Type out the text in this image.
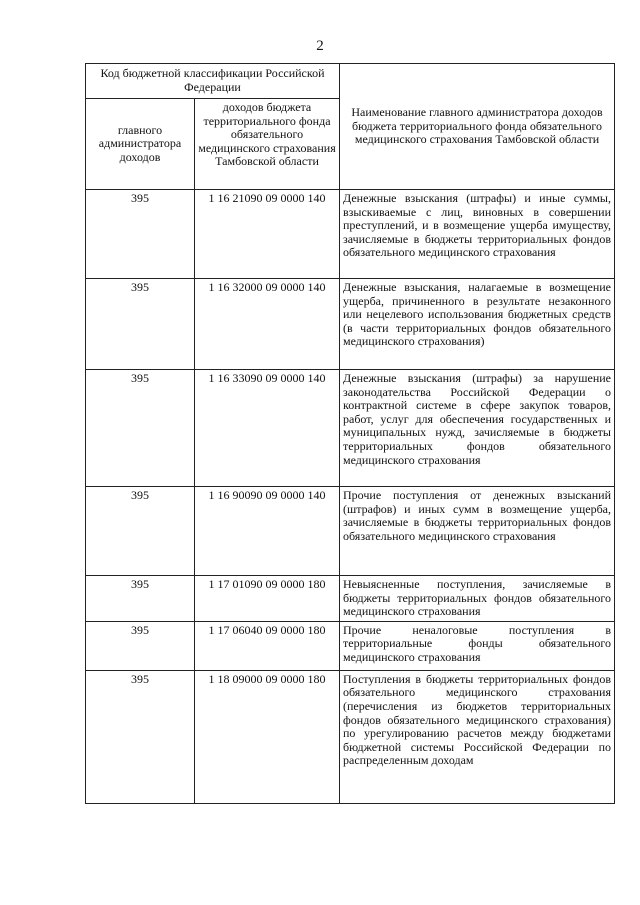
2
Код бюджетной классификации Российской Федерации		Наименование главного администратора доходов бюджета территориального фонда обязательного медицинского страхования Тамбовской области
главного администратора доходов	доходов бюджета территориального фонда обязательного медицинского страхования Тамбовской области	
395	1 16 21090 09 0000 140	Денежные взыскания (штрафы) и иные суммы, взыскиваемые с лиц, виновных в совершении преступлений, и в возмещение ущерба имуществу, зачисляемые в бюджеты территориальных фондов обязательного медицинского страхования
395	1 16 32000 09 0000 140	Денежные взыскания, налагаемые в возмещение ущерба, причиненного в результате незаконного или нецелевого использования бюджетных средств (в части территориальных фондов обязательного медицинского страхования)
395	1 16 33090 09 0000 140	Денежные взыскания (штрафы) за нарушение законодательства Российской Федерации о контрактной системе в сфере закупок товаров, работ, услуг для обеспечения государственных и муниципальных нужд, зачисляемые в бюджеты территориальных фондов обязательного медицинского страхования
395	1 16 90090 09 0000 140	Прочие поступления от денежных взысканий (штрафов) и иных сумм в возмещение ущерба, зачисляемые в бюджеты территориальных фондов обязательного медицинского страхования
395	1 17 01090 09 0000 180	Невыясненные поступления, зачисляемые в бюджеты территориальных фондов обязательного медицинского страхования
395	1 17 06040 09 0000 180	Прочие неналоговые поступления в территориальные фонды обязательного медицинского страхования
395	1 18 09000 09 0000 180	Поступления в бюджеты территориальных фондов обязательного медицинского страхования (перечисления из бюджетов территориальных фондов обязательного медицинского страхования) по урегулированию расчетов между бюджетами бюджетной системы Российской Федерации по распределенным доходам
